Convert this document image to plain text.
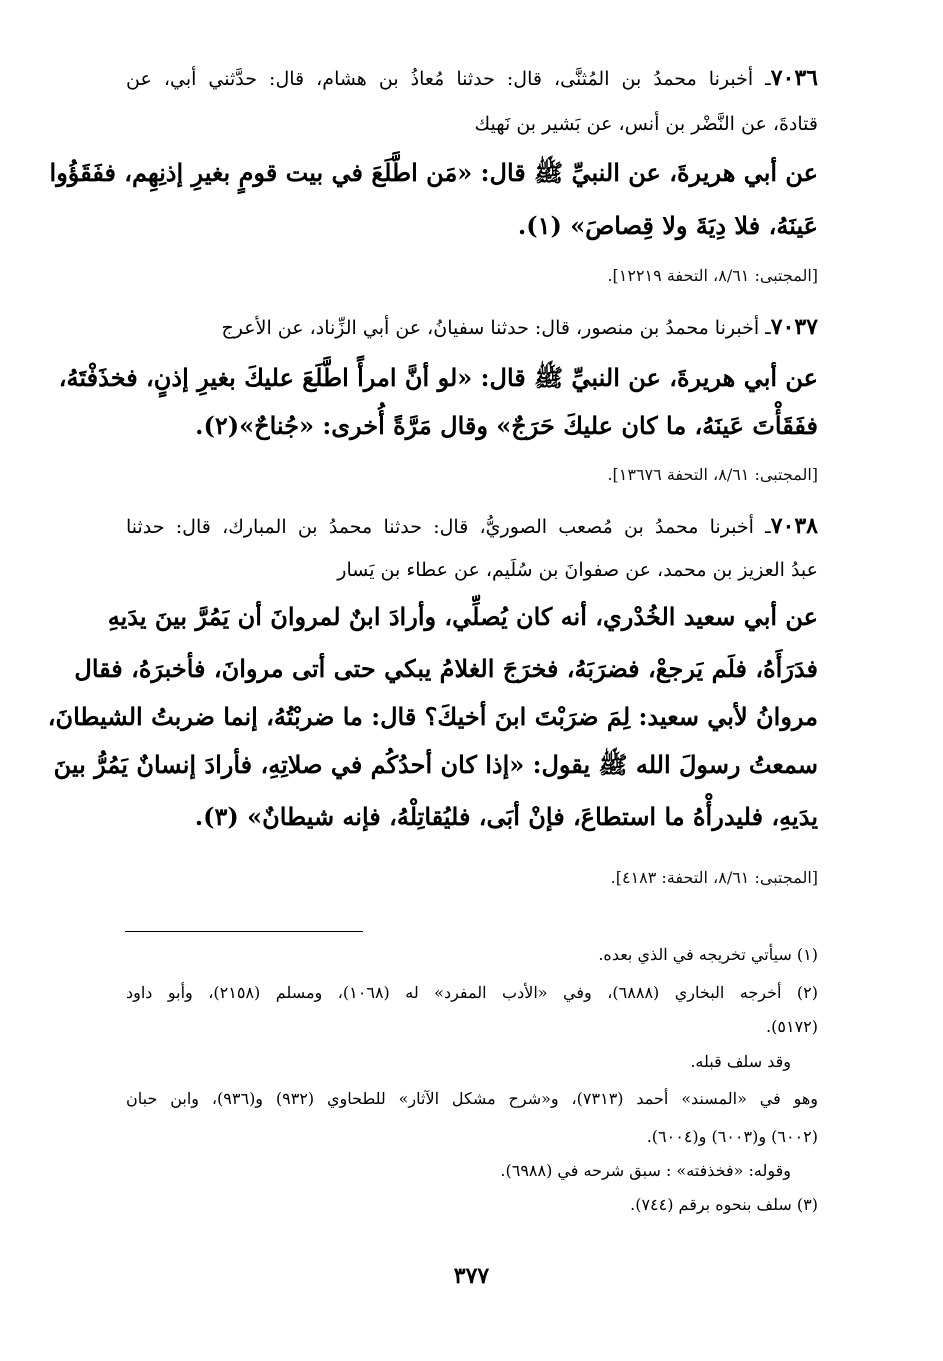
٧٠٣٦ـ أخبرنا محمدُ بن المُثنَّى، قال: حدثنا مُعاذُ بن هشام، قال: حدَّثني أبي، عن
قتادةَ، عن النَّضْر بن أنس، عن بَشير بن نَهيك
عن أبي هريرةَ، عن النبيِّ ﷺ قال: «مَن اطَّلَعَ في بيت قومٍ بغيرِ إذنِهِم، ففَقَؤُوا
عَينَهُ، فلا دِيَةَ ولا قِصاصَ» (١).
[المجتبى: ٨/٦١، التحفة ١٢٢١٩].
٧٠٣٧ـ أخبرنا محمدُ بن منصور، قال: حدثنا سفيانُ، عن أبي الزِّناد، عن الأعرج
عن أبي هريرةَ، عن النبيِّ ﷺ قال: «لو أنَّ امرأً اطَّلَعَ عليكَ بغيرِ إذنٍ، فخذَفْتَهُ،
ففَقَأْتَ عَينَهُ، ما كان عليكَ حَرَجٌ» وقال مَرَّةً أُخرى: «جُناحٌ»(٢).
[المجتبى: ٨/٦١، التحفة ١٣٦٧٦].
٧٠٣٨ـ أخبرنا محمدُ بن مُصعب الصوريُّ، قال: حدثنا محمدُ بن المبارك، قال: حدثنا
عبدُ العزيز بن محمد، عن صفوانَ بن سُلَيم، عن عطاء بن يَسار
عن أبي سعيد الخُدْري، أنه كان يُصلِّي، وأرادَ ابنٌ لمروانَ أن يَمُرَّ بينَ يدَيهِ
فدَرَأَهُ، فلَم يَرجعْ، فضرَبَهُ، فخرَجَ الغلامُ يبكي حتى أتى مروانَ، فأخبرَهُ، فقال
مروانُ لأبي سعيد: لِمَ ضرَبْتَ ابنَ أخيكَ؟ قال: ما ضربْتُهُ، إنما ضربتُ الشيطانَ،
سمعتُ رسولَ الله ﷺ يقول: «إذا كان أحدُكُم في صلاتِهِ، فأرادَ إنسانٌ يَمُرُّ بينَ
يدَيهِ، فليدرأْهُ ما استطاعَ، فإنْ أبَى، فليُقاتِلْهُ، فإنه شيطانٌ» (٣).
[المجتبى: ٨/٦١، التحفة: ٤١٨٣].
(١) سيأتي تخريجه في الذي بعده.
(٢) أخرجه البخاري (٦٨٨٨)، وفي «الأدب المفرد» له (١٠٦٨)، ومسلم (٢١٥٨)، وأبو داود
(٥١٧٢).
وقد سلف قبله.
وهو في «المسند» أحمد (٧٣١٣)، و«شرح مشكل الآثار» للطحاوي (٩٣٢) و(٩٣٦)، وابن حبان
(٦٠٠٢) و(٦٠٠٣) و(٦٠٠٤).
وقوله: «فخذفته» : سبق شرحه في (٦٩٨٨).
(٣) سلف بنحوه برقم (٧٤٤).
٣٧٧
